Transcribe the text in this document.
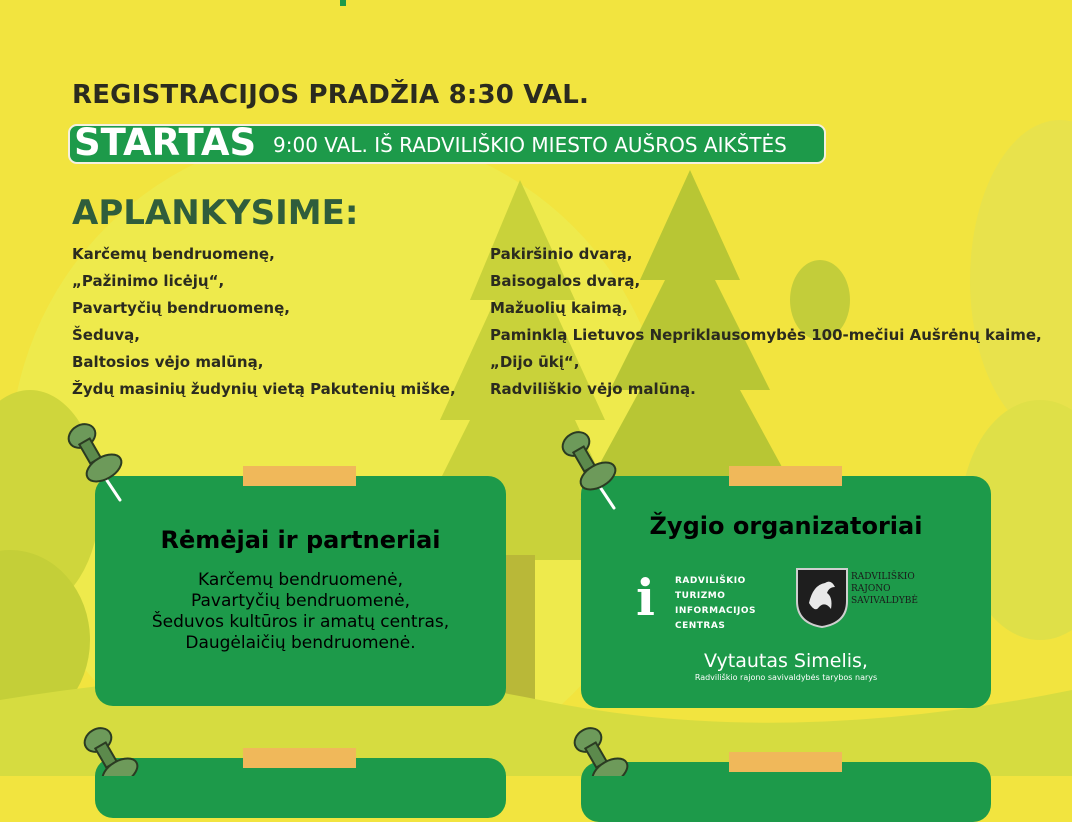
REGISTRACIJOS PRADŽIA 8:30 VAL.
STARTAS 9:00 VAL. IŠ RADVILIŠKIO MIESTO AUŠROS AIKŠTĖS
APLANKYSIME:
Karčemų bendruomenę,
„Pažinimo licėjų“,
Pavartyčių bendruomenę,
Šeduvą,
Baltosios vėjo malūną,
Žydų masinių žudynių vietą Pakutenių miške,
Pakiršinio dvarą,
Baisogalos dvarą,
Mažuolių kaimą,
Paminklą Lietuvos Nepriklausomybės 100-mečiui Aušrėnų kaime,
„Dijo ūkį“,
Radviliškio vėjo malūną.
Rėmėjai ir partneriai
Karčemų bendruomenė,
Pavartyčių bendruomenė,
Šeduvos kultūros ir amatų centras,
Daugėlaičių bendruomenė.
Žygio organizatoriai
i RADVILIŠKIO
TURIZMO
INFORMACIJOS
CENTRAS
RADVILIŠKIO
RAJONO
SAVIVALDYBĖ
Vytautas Simelis,
Radviliškio rajono savivaldybės tarybos narys
